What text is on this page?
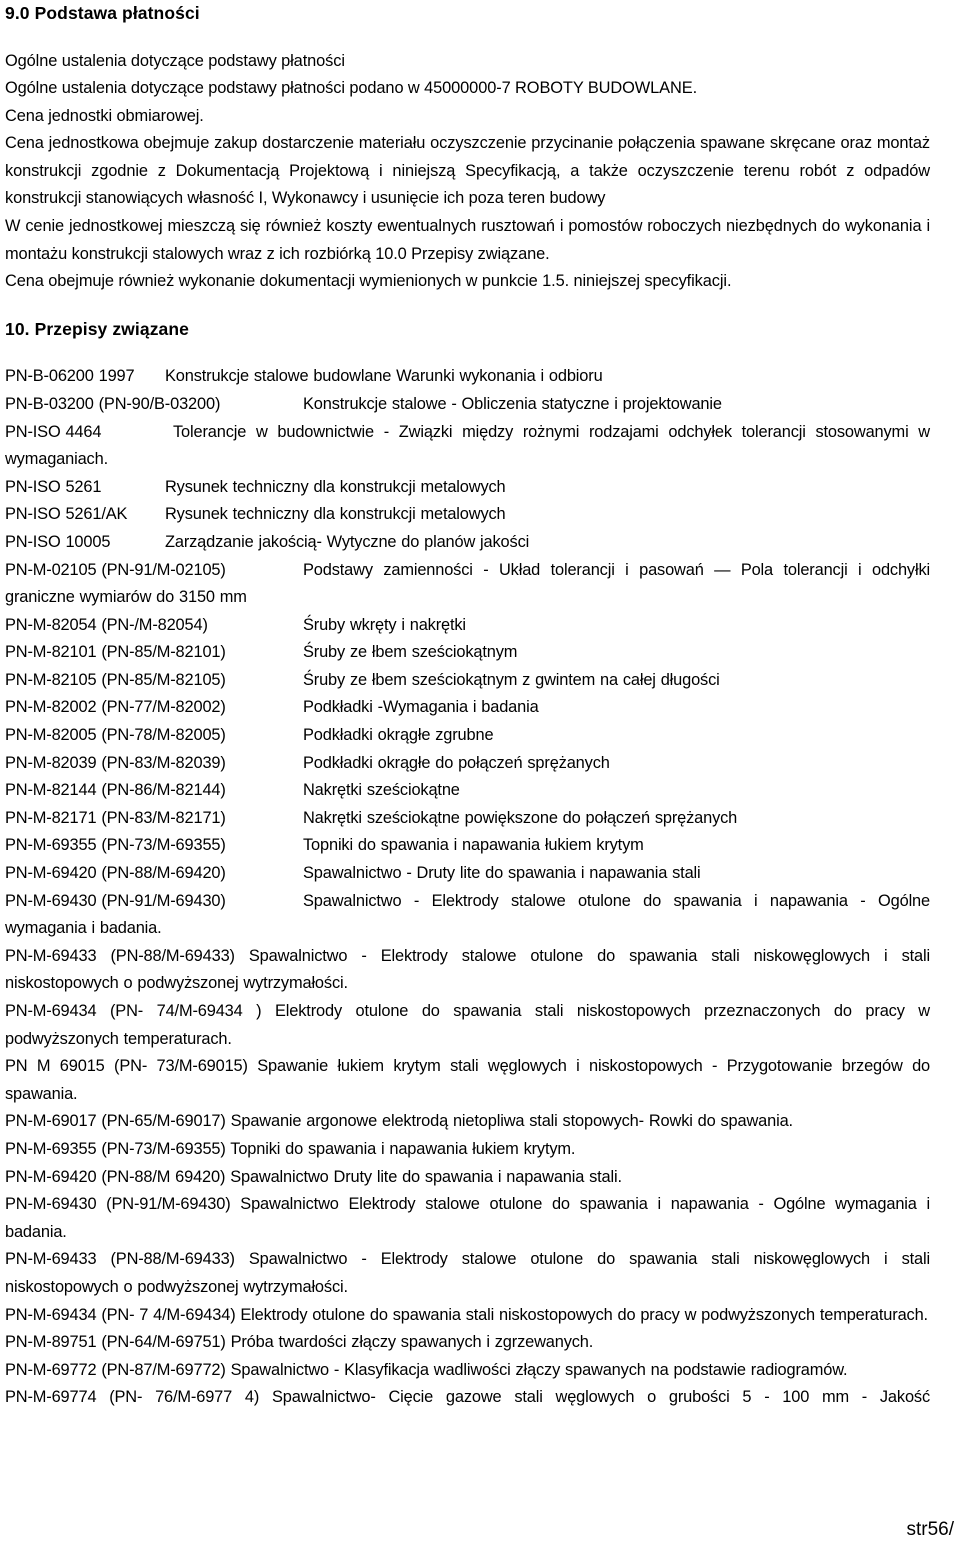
9.0 Podstawa płatności

Ogólne ustalenia dotyczące podstawy płatności

Ogólne ustalenia dotyczące podstawy płatności podano w 45000000-7 ROBOTY BUDOWLANE.

Cena jednostki obmiarowej.

Cena jednostkowa obejmuje zakup dostarczenie materiału oczyszczenie przycinanie połączenia spawane skręcane oraz montaż konstrukcji zgodnie z Dokumentacją Projektową i niniejszą Specyfikacją, a także oczyszczenie terenu robót z odpadów konstrukcji stanowiących własność I, Wykonawcy i usunięcie ich poza teren budowy

W cenie jednostkowej mieszczą się również koszty ewentualnych rusztowań i pomostów roboczych niezbędnych do wykonania i montażu konstrukcji stalowych wraz z ich rozbiórką 10.0 Przepisy związane.

Cena obejmuje również wykonanie dokumentacji wymienionych w punkcie 1.5. niniejszej specyfikacji.

10. Przepisy związane

PN-B-06200 1997 Konstrukcje stalowe budowlane Warunki wykonania i odbioru

PN-B-03200 (PN-90/B-03200)	Konstrukcje stalowe - Obliczenia statyczne i projektowanie

PN-ISO 4464	Tolerancje w budownictwie - Związki między rożnymi rodzajami odchyłek tolerancji stosowanymi w wymaganiach.

PN-ISO 5261	Rysunek techniczny dla konstrukcji metalowych

PN-ISO 5261/AK Rysunek techniczny dla konstrukcji metalowych

PN-ISO 10005	Zarządzanie jakością- Wytyczne do planów jakości

PN-M-02105 (PN-91/M-02105)	Podstawy zamienności - Układ tolerancji i pasowań — Pola tolerancji i odchyłki graniczne wymiarów do 3150 mm

PN-M-82054 (PN-/M-82054)	Śruby wkręty i nakrętki

PN-M-82101 (PN-85/M-82101)	Śruby ze łbem sześciokątnym

PN-M-82105 (PN-85/M-82105)	Śruby ze łbem sześciokątnym z gwintem na całej długości

PN-M-82002 (PN-77/M-82002)	Podkładki -Wymagania i badania

PN-M-82005 (PN-78/M-82005)	Podkładki okrągłe zgrubne

PN-M-82039 (PN-83/M-82039)	Podkładki okrągłe do połączeń sprężanych

PN-M-82144 (PN-86/M-82144)	Nakrętki sześciokątne

PN-M-82171 (PN-83/M-82171)	Nakrętki sześciokątne powiększone do połączeń sprężanych

PN-M-69355 (PN-73/M-69355)	Topniki do spawania i napawania łukiem krytym

PN-M-69420 (PN-88/M-69420)	Spawalnictwo - Druty lite do spawania i napawania stali

PN-M-69430 (PN-91/M-69430)	Spawalnictwo - Elektrody stalowe otulone do spawania i napawania - Ogólne wymagania i badania.

PN-M-69433 (PN-88/M-69433) Spawalnictwo - Elektrody stalowe otulone do spawania stali niskowęglowych i stali niskostopowych o podwyższonej wytrzymałości.

PN-M-69434 (PN- 74/M-69434 ) Elektrody otulone do spawania stali niskostopowych przeznaczonych do pracy w podwyższonych temperaturach.

PN M 69015 (PN- 73/M-69015) Spawanie łukiem krytym stali węglowych i niskostopowych - Przygotowanie brzegów do spawania.

PN-M-69017 (PN-65/M-69017) Spawanie argonowe elektrodą nietopliwa stali stopowych- Rowki do spawania.

PN-M-69355 (PN-73/M-69355) Topniki do spawania i napawania łukiem krytym.

PN-M-69420 (PN-88/M 69420) Spawalnictwo Druty lite do spawania i napawania stali.

PN-M-69430 (PN-91/M-69430) Spawalnictwo Elektrody stalowe otulone do spawania i napawania - Ogólne wymagania i badania.

PN-M-69433 (PN-88/M-69433) Spawalnictwo - Elektrody stalowe otulone do spawania stali niskowęglowych i stali niskostopowych o podwyższonej wytrzymałości.

PN-M-69434 (PN- 7 4/M-69434) Elektrody otulone do spawania stali niskostopowych do pracy w podwyższonych temperaturach.

PN-M-89751 (PN-64/M-69751) Próba twardości złączy spawanych i zgrzewanych.

PN-M-69772 (PN-87/M-69772) Spawalnictwo - Klasyfikacja wadliwości złączy spawanych na podstawie radiogramów.

PN-M-69774 (PN- 76/M-6977 4) Spawalnictwo- Cięcie gazowe stali węglowych o grubości 5 - 100 mm - Jakość

str56/
